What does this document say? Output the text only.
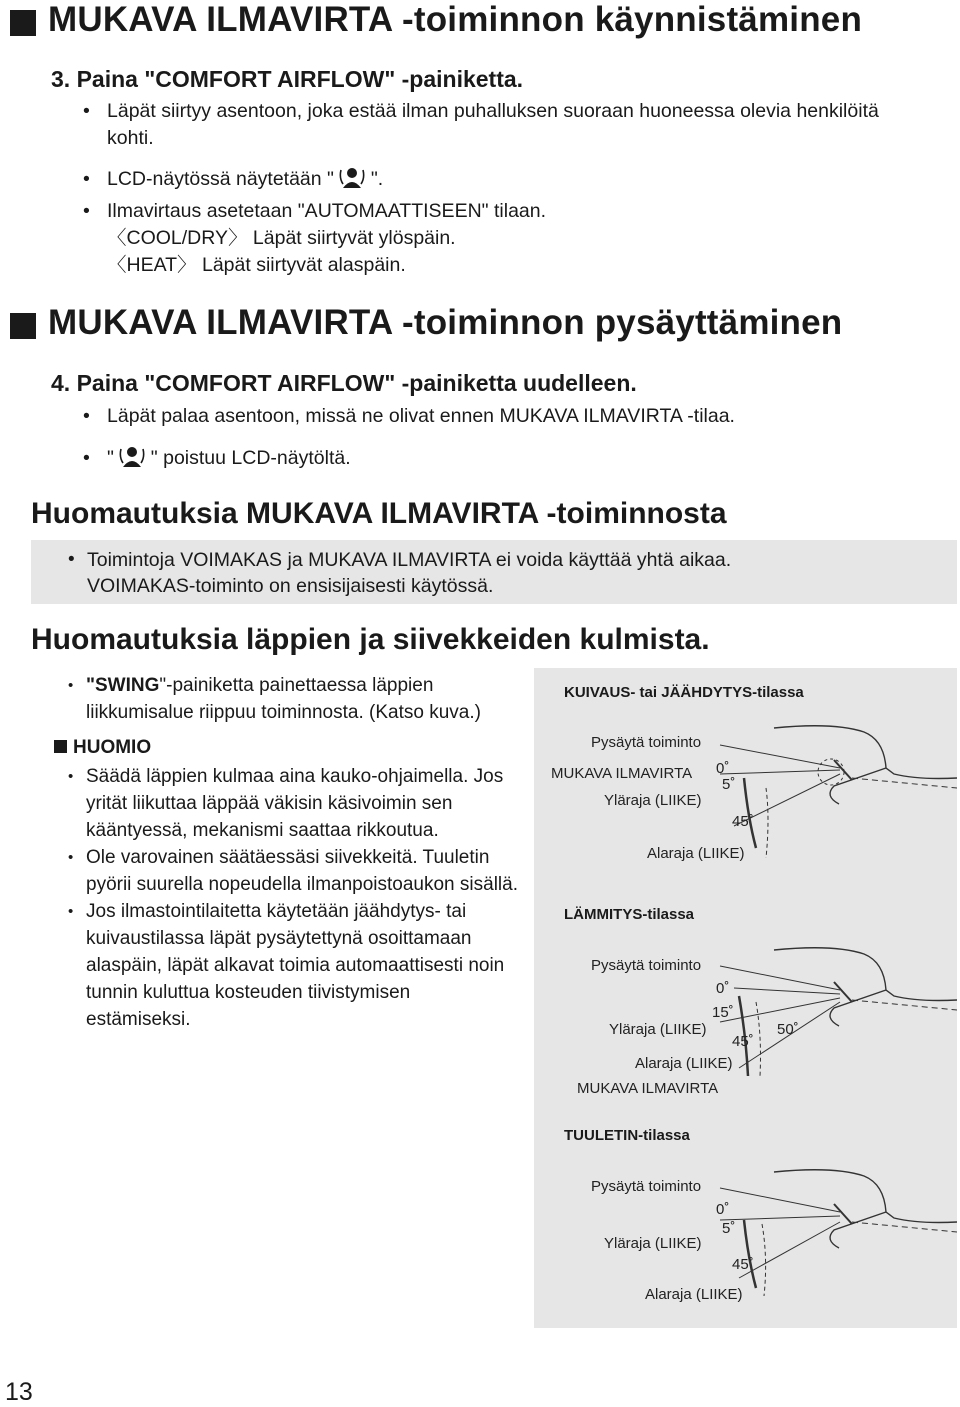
MUKAVA ILMAVIRTA -toiminnon käynnistäminen
3. Paina "COMFORT AIRFLOW" -painiketta.
• Läpät siirtyy asentoon, joka estää ilman puhalluksen suoraan huoneessa olevia henkilöitä kohti.
• LCD-näytössä näytetään " ".
• Ilmavirtaus asetetaan "AUTOMAATTISEEN" tilaan.
〈COOL/DRY〉 Läpät siirtyvät ylöspäin.
〈HEAT〉 Läpät siirtyvät alaspäin.
MUKAVA ILMAVIRTA -toiminnon pysäyttäminen
4. Paina "COMFORT AIRFLOW" -painiketta uudelleen.
• Läpät palaa asentoon, missä ne olivat ennen MUKAVA ILMAVIRTA -tilaa.
• " " poistuu LCD-näytöltä.
Huomautuksia MUKAVA ILMAVIRTA -toiminnosta
• Toimintoja VOIMAKAS ja MUKAVA ILMAVIRTA ei voida käyttää yhtä aikaa.
VOIMAKAS-toiminto on ensisijaisesti käytössä.
Huomautuksia läppien ja siivekkeiden kulmista.

• "SWING"-painiketta painettaessa läppien liikkumisalue riippuu toiminnosta. (Katso kuva.)

HUOMIO

• Säädä läppien kulmaa aina kauko-ohjaimella. Jos yrität liikuttaa läppää väkisin käsivoimin sen kääntyessä, mekanismi saattaa rikkoutua.

• Ole varovainen säätäessäsi siivekkeitä. Tuuletin pyörii suurella nopeudella ilmanpoistoaukon sisällä.

• Jos ilmastointilaitetta käytetään jäähdytys- tai kuivaustilassa läpät pysäytettynä osoittamaan alaspäin, läpät alkavat toimia automaattisesti noin tunnin kuluttua kosteuden tiivistymisen estämiseksi.

KUIVAUS- tai JÄÄHDYTYS-tilassa
Pysäytä toiminto
MUKAVA ILMAVIRTA 0˚
5˚
Yläraja (LIIKE)
45˚
Alaraja (LIIKE)
LÄMMITYS-tilassa
Pysäytä toiminto
0˚
15˚
Yläraja (LIIKE)	50˚
45˚
Alaraja (LIIKE)
MUKAVA ILMAVIRTA
TUULETIN-tilassa
Pysäytä toiminto
0˚
5˚
Yläraja (LIIKE)
45˚
Alaraja (LIIKE)
13
